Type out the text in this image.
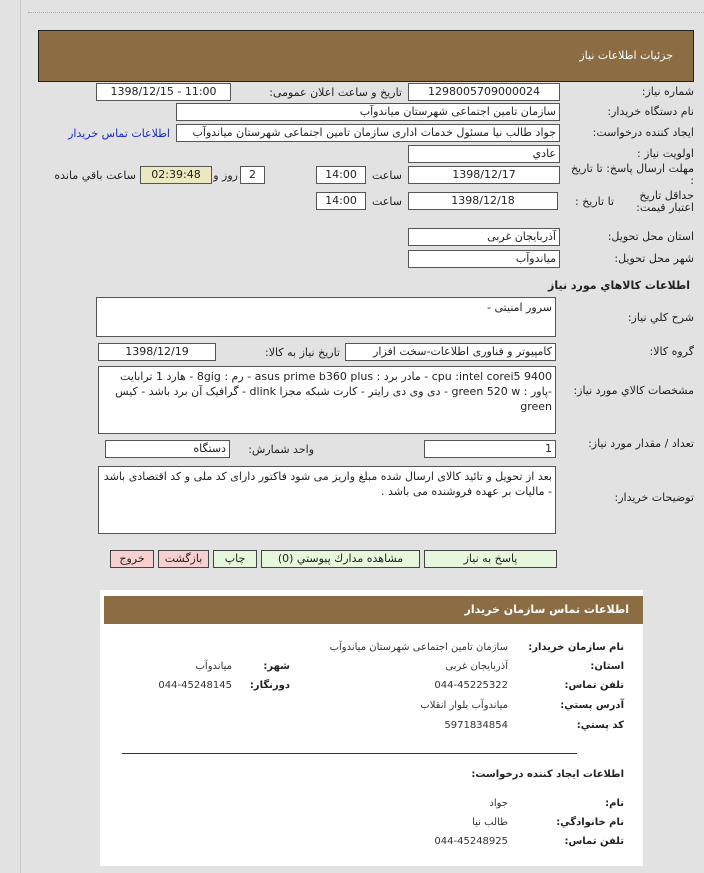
جزئيات اطلاعات نياز
شماره نیاز:
1298005709000024
تاریخ و ساعت اعلان عمومی:
1398/12/15 - 11:00
نام دستگاه خریدار:
سازمان تامین اجتماعی شهرستان میاندوآب
ایجاد کننده درخواست:
جواد طالب نیا مسئول خدمات اداری سازمان تامین اجتماعی شهرستان میاندوآب
اطلاعات تماس خریدار
اولویت نیاز :
عادي
مهلت ارسال پاسخ: تا تاریخ :
1398/12/17
ساعت
14:00
2
روز و
02:39:48
ساعت باقي مانده
حداقل تاريخ اعتبار قيمت:
تا تاريخ :
1398/12/18
ساعت
14:00
استان محل تحویل:
آذربایجان غربی
شهر محل تحویل:
میاندوآب
اطلاعات كالاهاي مورد نياز
شرح كلي نياز:
سرور امنیتی -
گروه كالا:
کامپیوتر و فناوری اطلاعات-سخت افزار
تاريخ نياز به كالا:
1398/12/19
مشخصات كالاي مورد نياز:
9400 cpu :intel corei5 - مادر برد : asus prime b360 plus - رم : 8gig - هارد 1 ترابایت -پاور : green 520 w - دی وی دی رایتر - کارت شبکه مجزا dlink - گرافیک آن برد باشد - کیس green
تعداد / مقدار مورد نياز:
1
واحد شمارش:
دستگاه
توضيحات خريدار:
بعد از تحویل و تائید کالای ارسال شده مبلغ واریز می شود فاکتور دارای کد ملی و کد اقتصادی باشد - مالیات بر عهده فروشنده می باشد .
پاسخ به نياز
مشاهده مدارك پيوستي (0)
چاپ
بازگشت
خروج
اطلاعات تماس سازمان خريدار
نام سازمان خريدار:
سازمان تامین اجتماعی شهرستان میاندوآب
استان:
آذربایجان غربی
شهر:
میاندوآب
تلفن تماس:
044-45225322
دورنگار:
044-45248145
آدرس پستي:
میاندوآب بلوار انقلاب
كد پستي:
5971834854
اطلاعات ایجاد کننده درخواست:
نام:
جواد
نام خانوادگي:
طالب نیا
تلفن تماس:
044-45248925
